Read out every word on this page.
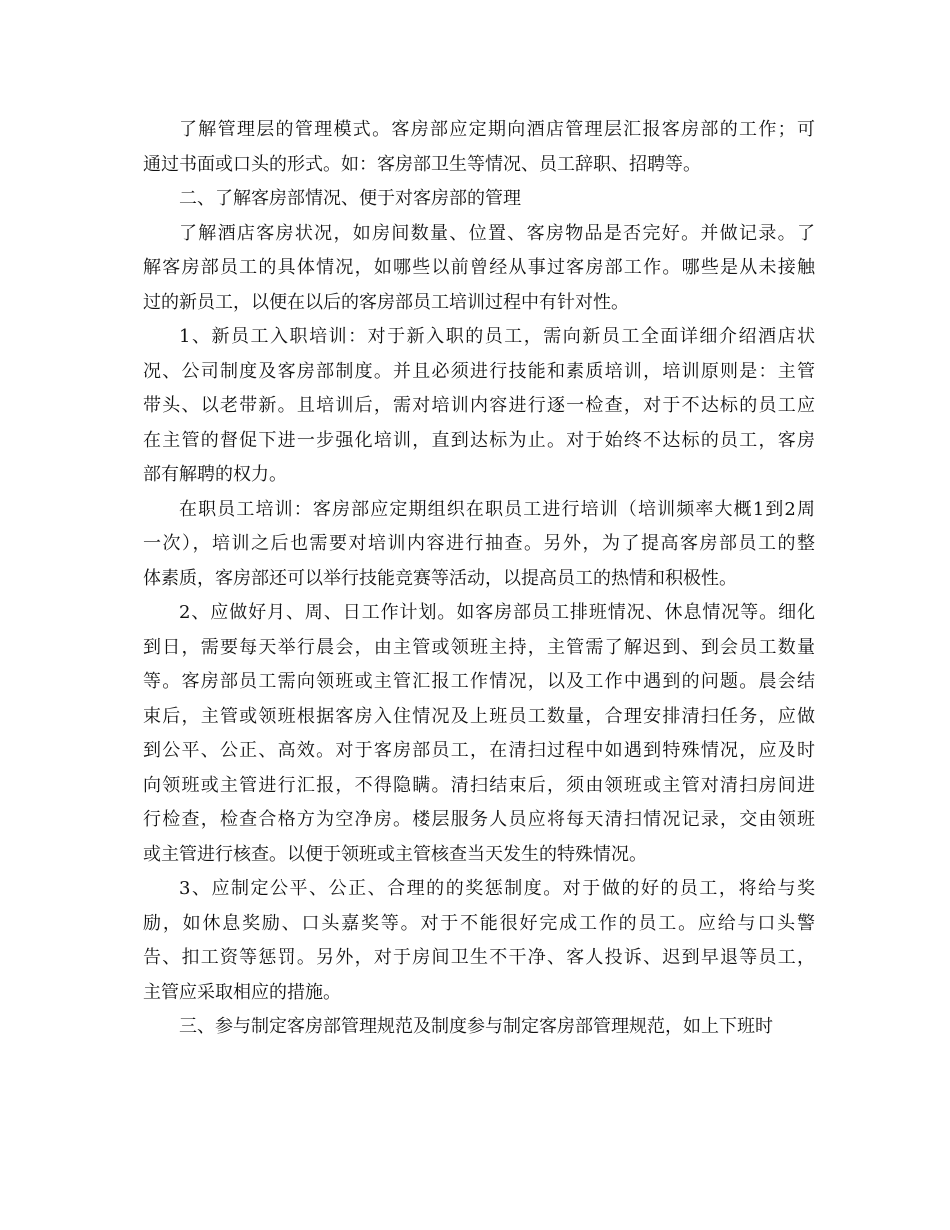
了解管理层的管理模式。客房部应定期向酒店管理层汇报客房部的工作；可
通过书面或口头的形式。如：客房部卫生等情况、员工辞职、招聘等。
二、了解客房部情况、便于对客房部的管理
了解酒店客房状况，如房间数量、位置、客房物品是否完好。并做记录。了
解客房部员工的具体情况，如哪些以前曾经从事过客房部工作。哪些是从未接触
过的新员工，以便在以后的客房部员工培训过程中有针对性。
1、新员工入职培训：对于新入职的员工，需向新员工全面详细介绍酒店状
况、公司制度及客房部制度。并且必须进行技能和素质培训，培训原则是：主管
带头、以老带新。且培训后，需对培训内容进行逐一检查，对于不达标的员工应
在主管的督促下进一步强化培训，直到达标为止。对于始终不达标的员工，客房
部有解聘的权力。
在职员工培训：客房部应定期组织在职员工进行培训（培训频率大概1到2周
一次），培训之后也需要对培训内容进行抽查。另外，为了提高客房部员工的整
体素质，客房部还可以举行技能竞赛等活动，以提高员工的热情和积极性。
2、应做好月、周、日工作计划。如客房部员工排班情况、休息情况等。细化
到日，需要每天举行晨会，由主管或领班主持，主管需了解迟到、到会员工数量
等。客房部员工需向领班或主管汇报工作情况，以及工作中遇到的问题。晨会结
束后，主管或领班根据客房入住情况及上班员工数量，合理安排清扫任务，应做
到公平、公正、高效。对于客房部员工，在清扫过程中如遇到特殊情况，应及时
向领班或主管进行汇报，不得隐瞒。清扫结束后，须由领班或主管对清扫房间进
行检查，检查合格方为空净房。楼层服务人员应将每天清扫情况记录，交由领班
或主管进行核查。以便于领班或主管核查当天发生的特殊情况。
3、应制定公平、公正、合理的的奖惩制度。对于做的好的员工，将给与奖
励，如休息奖励、口头嘉奖等。对于不能很好完成工作的员工。应给与口头警
告、扣工资等惩罚。另外，对于房间卫生不干净、客人投诉、迟到早退等员工，
主管应采取相应的措施。
三、参与制定客房部管理规范及制度参与制定客房部管理规范，如上下班时
